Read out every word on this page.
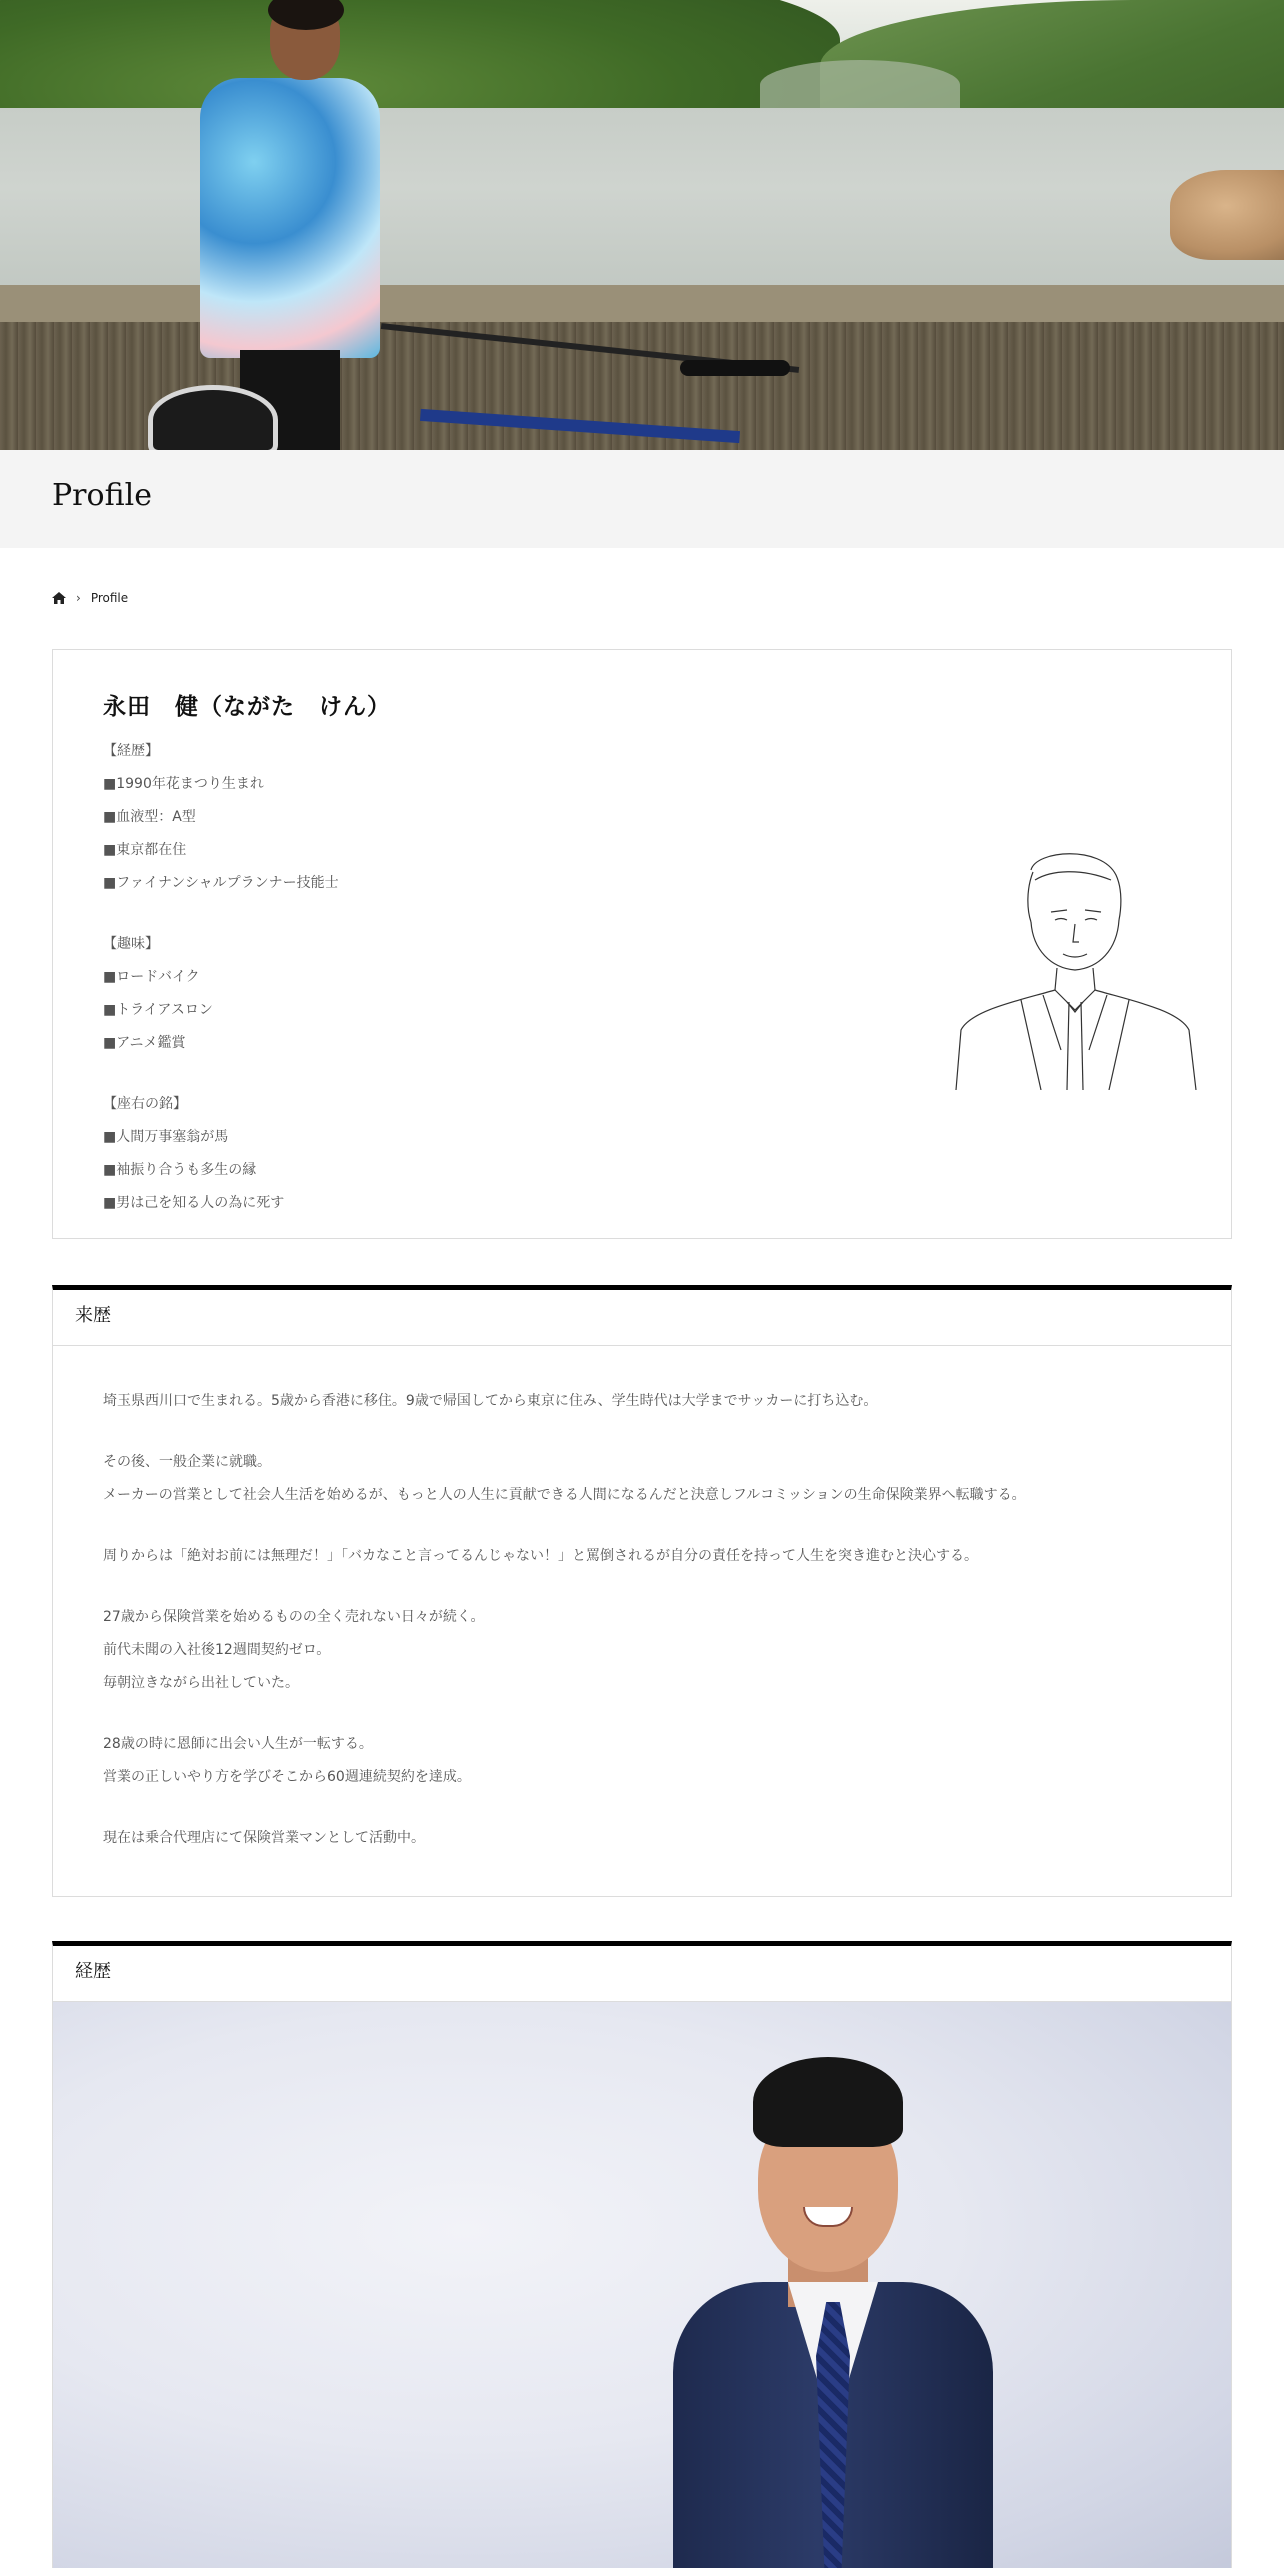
Profile
› Profile
永田　健（ながた　けん）
【経歴】
■1990年花まつり生まれ
■血液型：A型
■東京都在住
■ファイナンシャルプランナー技能士
【趣味】
■ロードバイク
■トライアスロン
■アニメ鑑賞
【座右の銘】
■人間万事塞翁が馬
■袖振り合うも多生の縁
■男は己を知る人の為に死す
来歴
埼玉県西川口で生まれる。5歳から香港に移住。9歳で帰国してから東京に住み、学生時代は大学までサッカーに打ち込む。
その後、一般企業に就職。
メーカーの営業として社会人生活を始めるが、もっと人の人生に貢献できる人間になるんだと決意しフルコミッションの生命保険業界へ転職する。
周りからは「絶対お前には無理だ！」「バカなこと言ってるんじゃない！」と罵倒されるが自分の責任を持って人生を突き進むと決心する。
27歳から保険営業を始めるものの全く売れない日々が続く。
前代未聞の入社後12週間契約ゼロ。
毎朝泣きながら出社していた。
28歳の時に恩師に出会い人生が一転する。
営業の正しいやり方を学びそこから60週連続契約を達成。
現在は乗合代理店にて保険営業マンとして活動中。
経歴
